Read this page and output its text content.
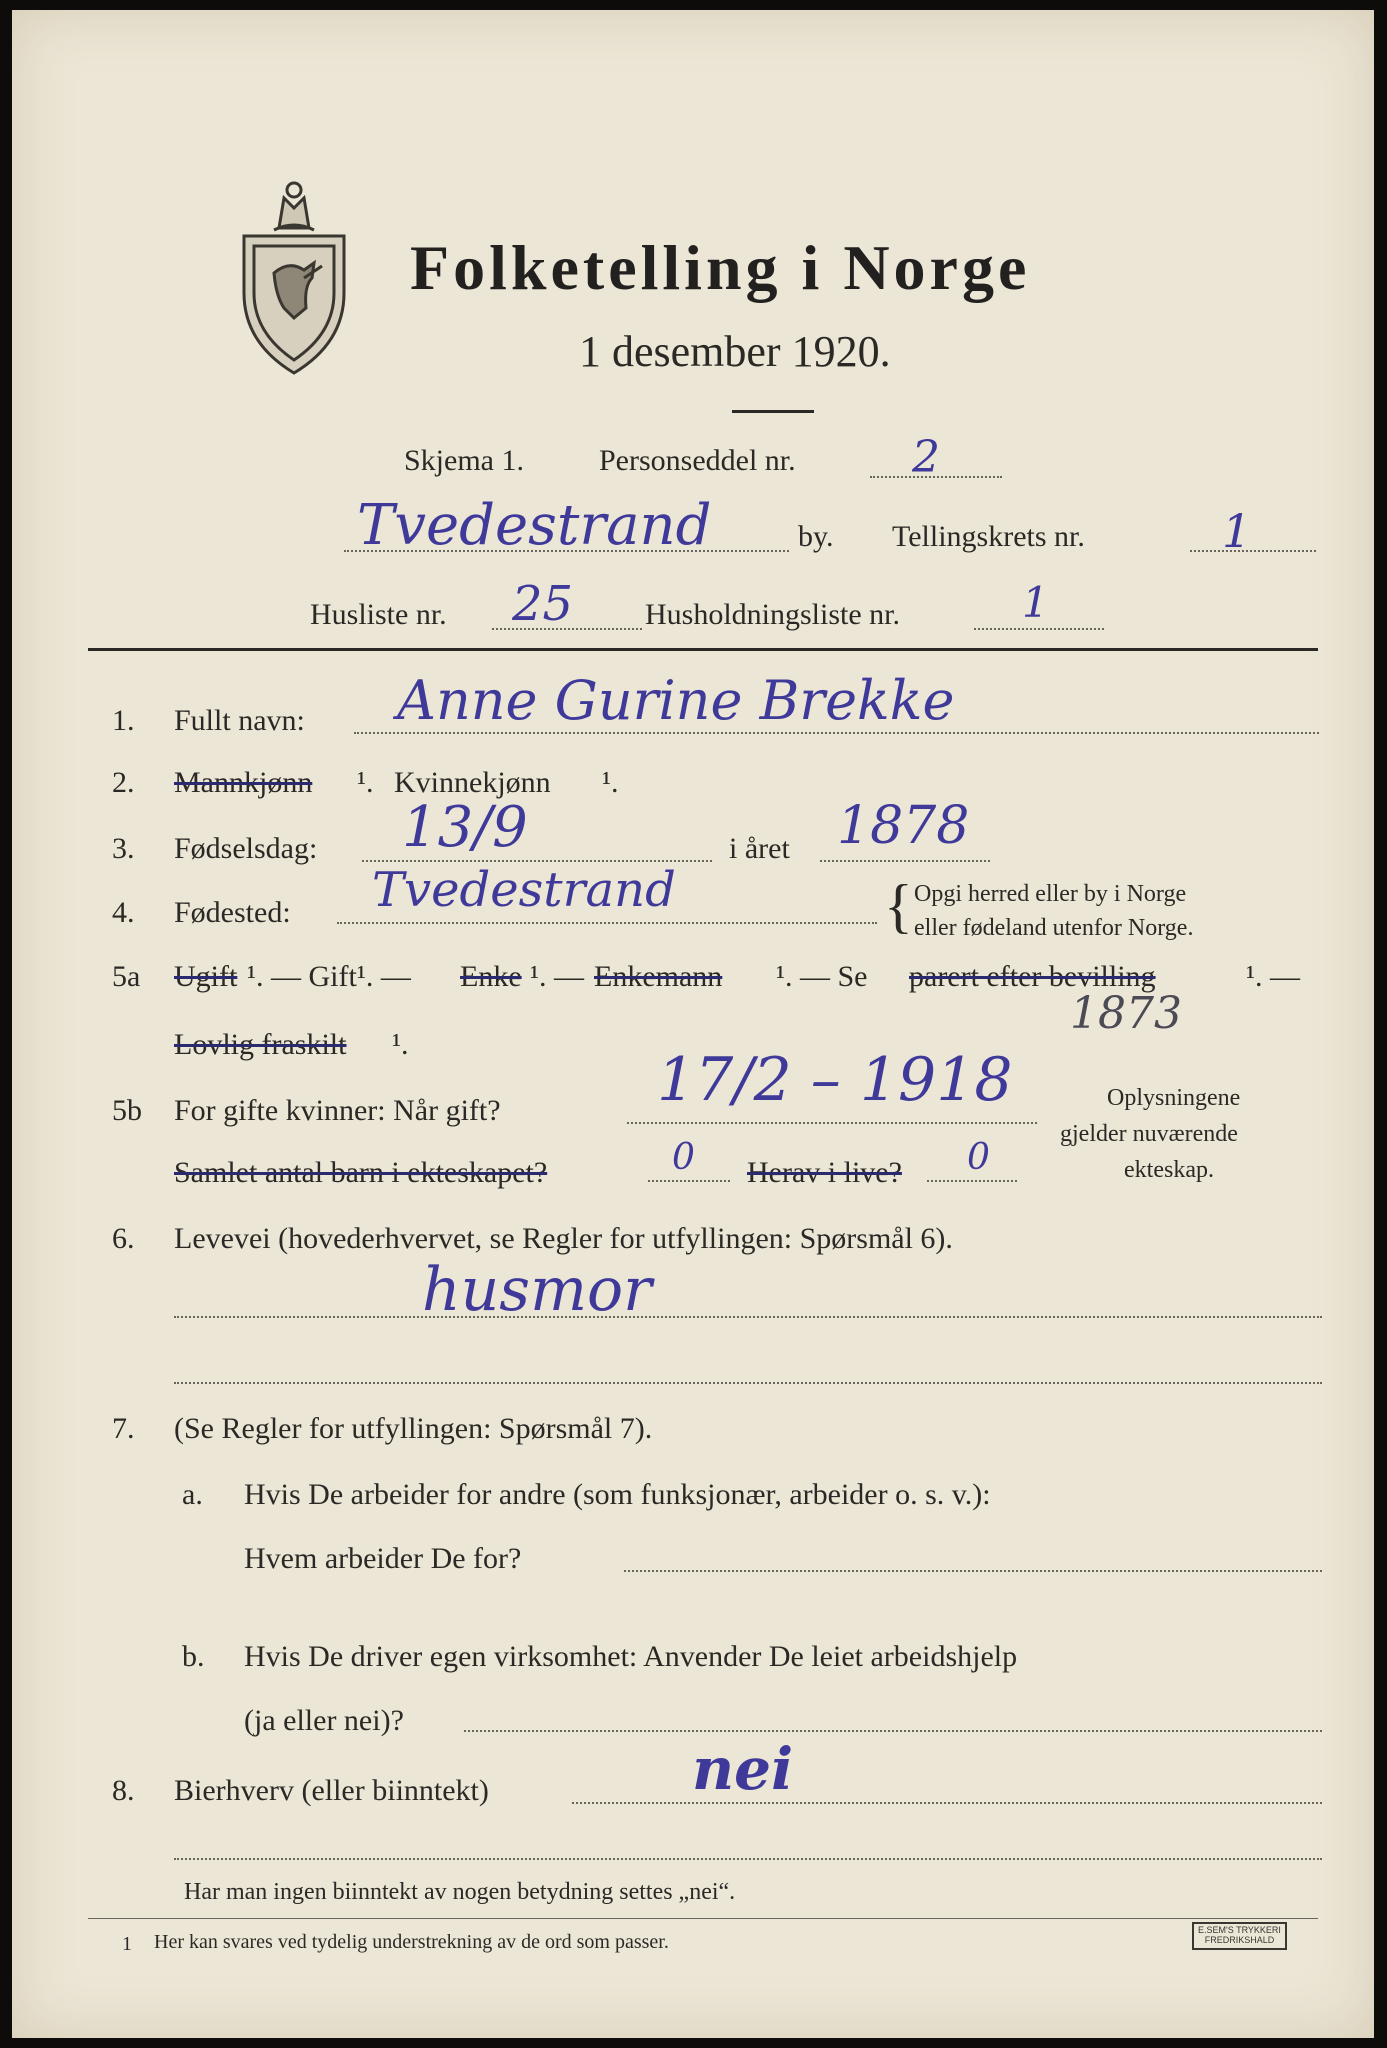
Folketelling i Norge
1 desember 1920.
Skjema 1.	Personseddel nr.	2
Tvedestrand	by. Tellingskrets nr.	1
Husliste nr. 25 Husholdningsliste nr.	1
1. Fullt navn: Anne Gurine Brekke
2. Mannkjønn ¹. Kvinnekjønn ¹.
3. Fødselsdag: 13/9	i året 1878
4. Fødested: Tvedestrand	{ Opgi herred eller by i Norge
eller fødeland utenfor Norge.
5a Ugift ¹. — Gift¹. — Enke ¹. — Enkemann ¹. — Se parert efter bevilling	¹. —
Lovlig fraskilt ¹.
1873
5b For gifte kvinner: Når gift?	17/2 – 1918
Samlet antal barn i ekteskapet?	0 Herav i live? 0
Oplysningene
gjelder nuværende
ekteskap.
6. Levevei (hovederhvervet, se Regler for utfyllingen: Spørsmål 6).
husmor
7. (Se Regler for utfyllingen: Spørsmål 7).
a. Hvis De arbeider for andre (som funksjonær, arbeider o. s. v.):
Hvem arbeider De for?
b. Hvis De driver egen virksomhet: Anvender De leiet arbeidshjelp
(ja eller nei)?
8. Bierhverv (eller biinntekt)	nei
Har man ingen biinntekt av nogen betydning settes „nei“.
1 Her kan svares ved tydelig understrekning av de ord som passer.
E.SEM'S TRYKKERI
FREDRIKSHALD
